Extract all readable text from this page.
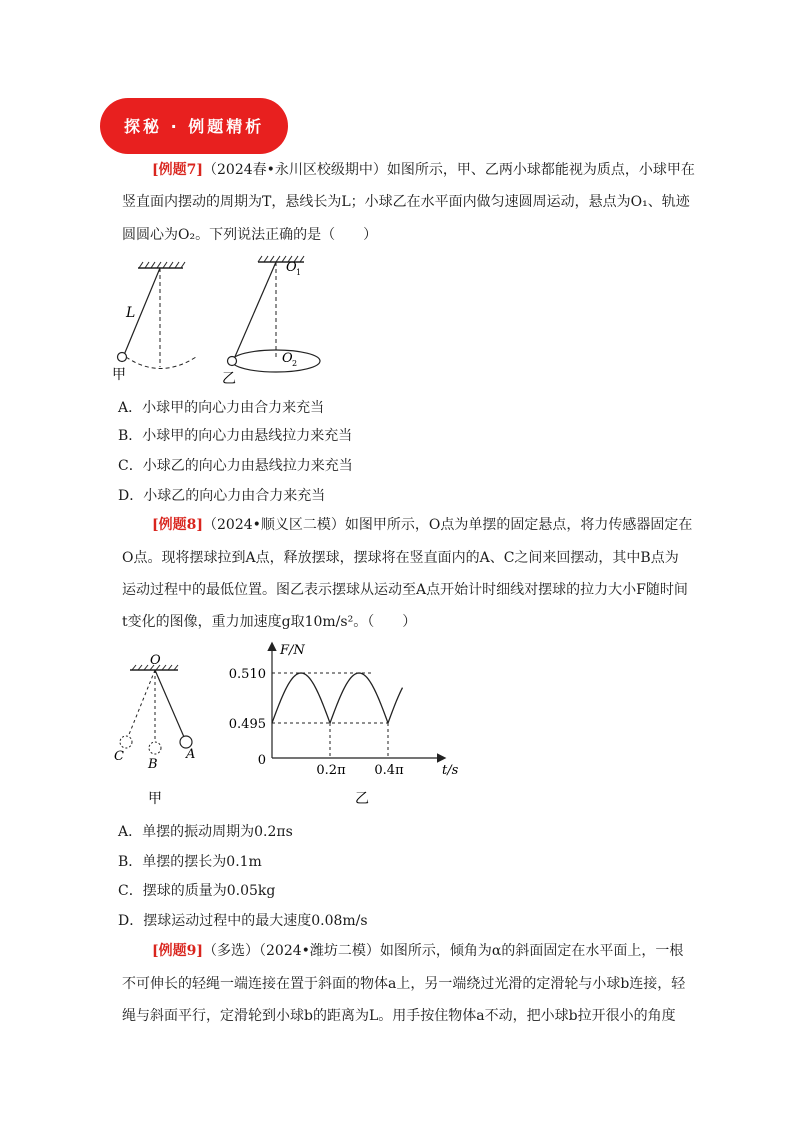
探秘 · 例题精析
[例题7]（2024春•永川区校级期中）如图所示，甲、乙两小球都能视为质点，小球甲在
竖直面内摆动的周期为T，悬线长为L；小球乙在水平面内做匀速圆周运动，悬点为O₁、轨迹
圆圆心为O₂。下列说法正确的是（　　）
L
甲
O 1
O 2
乙
A．小球甲的向心力由合力来充当
B．小球甲的向心力由悬线拉力来充当
C．小球乙的向心力由悬线拉力来充当
D．小球乙的向心力由合力来充当
[例题8]（2024•顺义区二模）如图甲所示，O点为单摆的固定悬点，将力传感器固定在
O点。现将摆球拉到A点，释放摆球，摆球将在竖直面内的A、C之间来回摆动，其中B点为
运动过程中的最低位置。图乙表示摆球从运动至A点开始计时细线对摆球的拉力大小F随时间
t变化的图像，重力加速度g取10m/s²。（　　）
O
A
B
C
甲
F/N
t/s
0.510
0.495
0
0.2π 0.4π
乙
A．单摆的振动周期为0.2πs
B．单摆的摆长为0.1m
C．摆球的质量为0.05kg
D．摆球运动过程中的最大速度0.08m/s
[例题9]（多选）（2024•潍坊二模）如图所示，倾角为α的斜面固定在水平面上，一根
不可伸长的轻绳一端连接在置于斜面的物体a上，另一端绕过光滑的定滑轮与小球b连接，轻
绳与斜面平行，定滑轮到小球b的距离为L。用手按住物体a不动，把小球b拉开很小的角度
